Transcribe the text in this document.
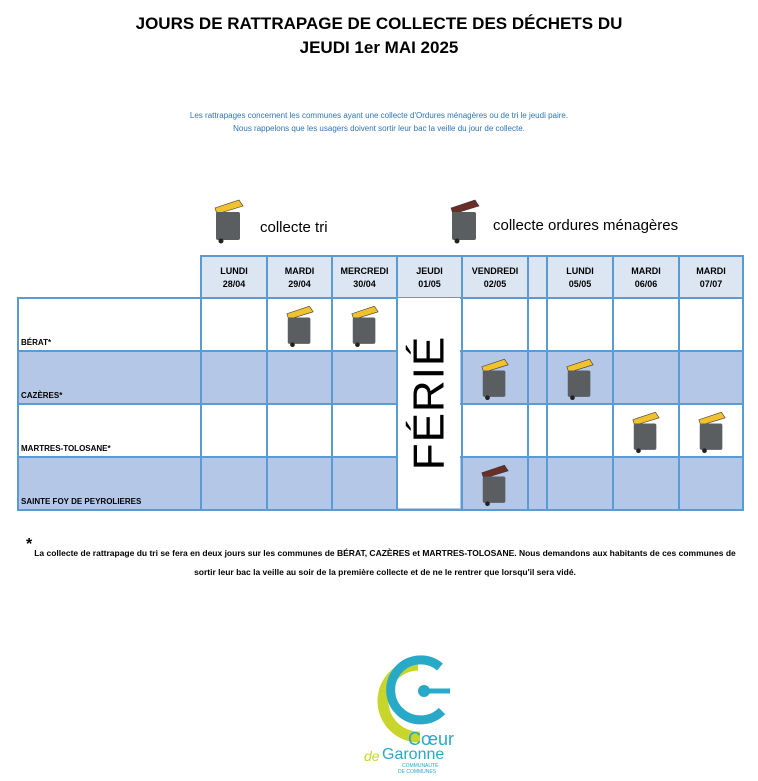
JOURS DE RATTRAPAGE DE COLLECTE DES DÉCHETS DU
JEUDI 1er MAI 2025
Les rattrapages concernent les communes ayant une collecte d'Ordures ménagères ou de tri le jeudi paire.
Nous rappelons que les usagers doivent sortir leur bac la veille du jour de collecte.
collecte tri	collecte ordures ménagères
LUNDI
28/04
MARDI
29/04
MERCREDI
30/04
JEUDI
01/05
VENDREDI
02/05
LUNDI
05/05
MARDI
06/06
MARDI
07/07
BÉRAT*
CAZÈRES*
MARTRES-TOLOSANE*
SAINTE FOY DE PEYROLIERES
FÉRIÉ
* La collecte de rattrapage du tri se fera en deux jours sur les communes de BÉRAT, CAZÈRES et MARTRES-TOLOSANE. Nous demandons aux habitants de ces communes de
sortir leur bac la veille au soir de la première collecte et de ne le rentrer que lorsqu'il sera vidé.
Cœur
de Garonne
COMMUNAUTÉ
DE COMMUNES
